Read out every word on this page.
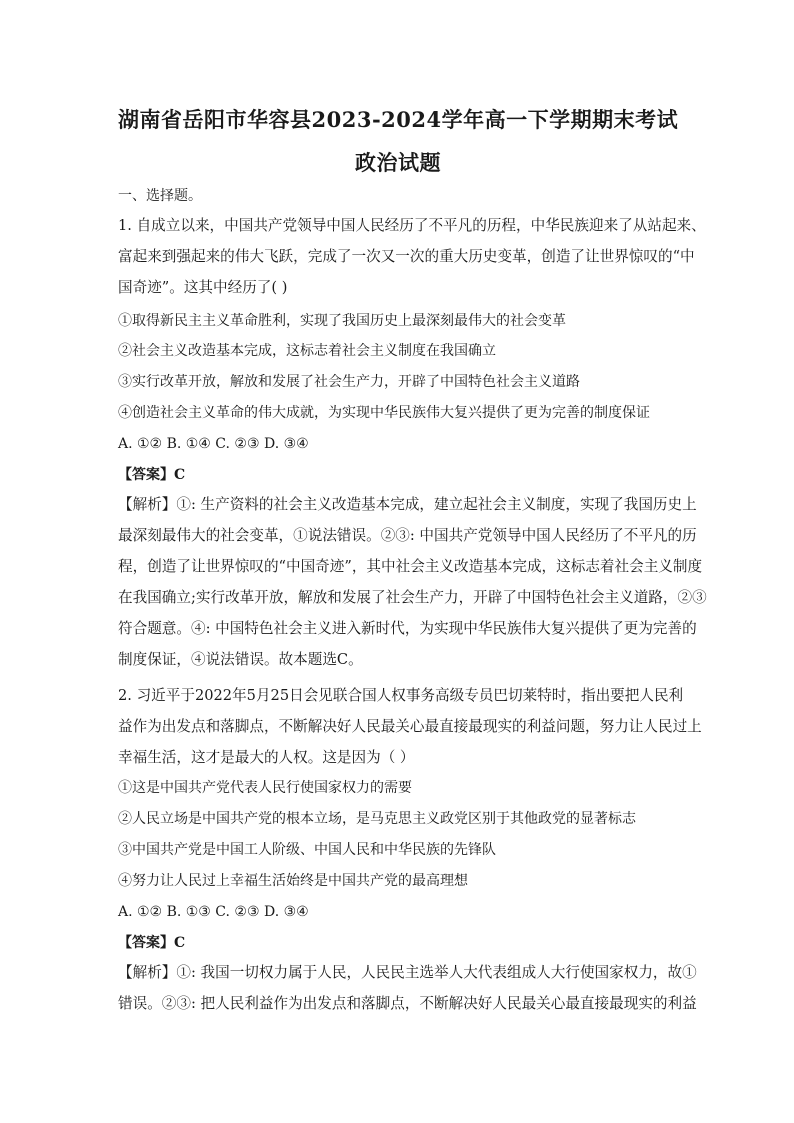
湖南省岳阳市华容县2023-2024学年高一下学期期末考试
政治试题
一、选择题。
1. 自成立以来，中国共产党领导中国人民经历了不平凡的历程，中华民族迎来了从站起来、
富起来到强起来的伟大飞跃，完成了一次又一次的重大历史变革，创造了让世界惊叹的“中
国奇迹”。这其中经历了( )
①取得新民主主义革命胜利，实现了我国历史上最深刻最伟大的社会变革
②社会主义改造基本完成，这标志着社会主义制度在我国确立
③实行改革开放，解放和发展了社会生产力，开辟了中国特色社会主义道路
④创造社会主义革命的伟大成就，为实现中华民族伟大复兴提供了更为完善的制度保证
A. ①② B. ①④ C. ②③ D. ③④
【答案】C
【解析】①: 生产资料的社会主义改造基本完成，建立起社会主义制度，实现了我国历史上
最深刻最伟大的社会变革，①说法错误。②③: 中国共产党领导中国人民经历了不平凡的历
程，创造了让世界惊叹的“中国奇迹”，其中社会主义改造基本完成，这标志着社会主义制度
在我国确立;实行改革开放，解放和发展了社会生产力，开辟了中国特色社会主义道路，②③
符合题意。④: 中国特色社会主义进入新时代，为实现中华民族伟大复兴提供了更为完善的
制度保证，④说法错误。故本题选C。
2. 习近平于2022年5月25日会见联合国人权事务高级专员巴切莱特时，指出要把人民利
益作为出发点和落脚点，不断解决好人民最关心最直接最现实的利益问题，努力让人民过上
幸福生活，这才是最大的人权。这是因为（ ）
①这是中国共产党代表人民行使国家权力的需要
②人民立场是中国共产党的根本立场，是马克思主义政党区别于其他政党的显著标志
③中国共产党是中国工人阶级、中国人民和中华民族的先锋队
④努力让人民过上幸福生活始终是中国共产党的最高理想
A. ①② B. ①③ C. ②③ D. ③④
【答案】C
【解析】①: 我国一切权力属于人民，人民民主选举人大代表组成人大行使国家权力，故①
错误。②③: 把人民利益作为出发点和落脚点，不断解决好人民最关心最直接最现实的利益
